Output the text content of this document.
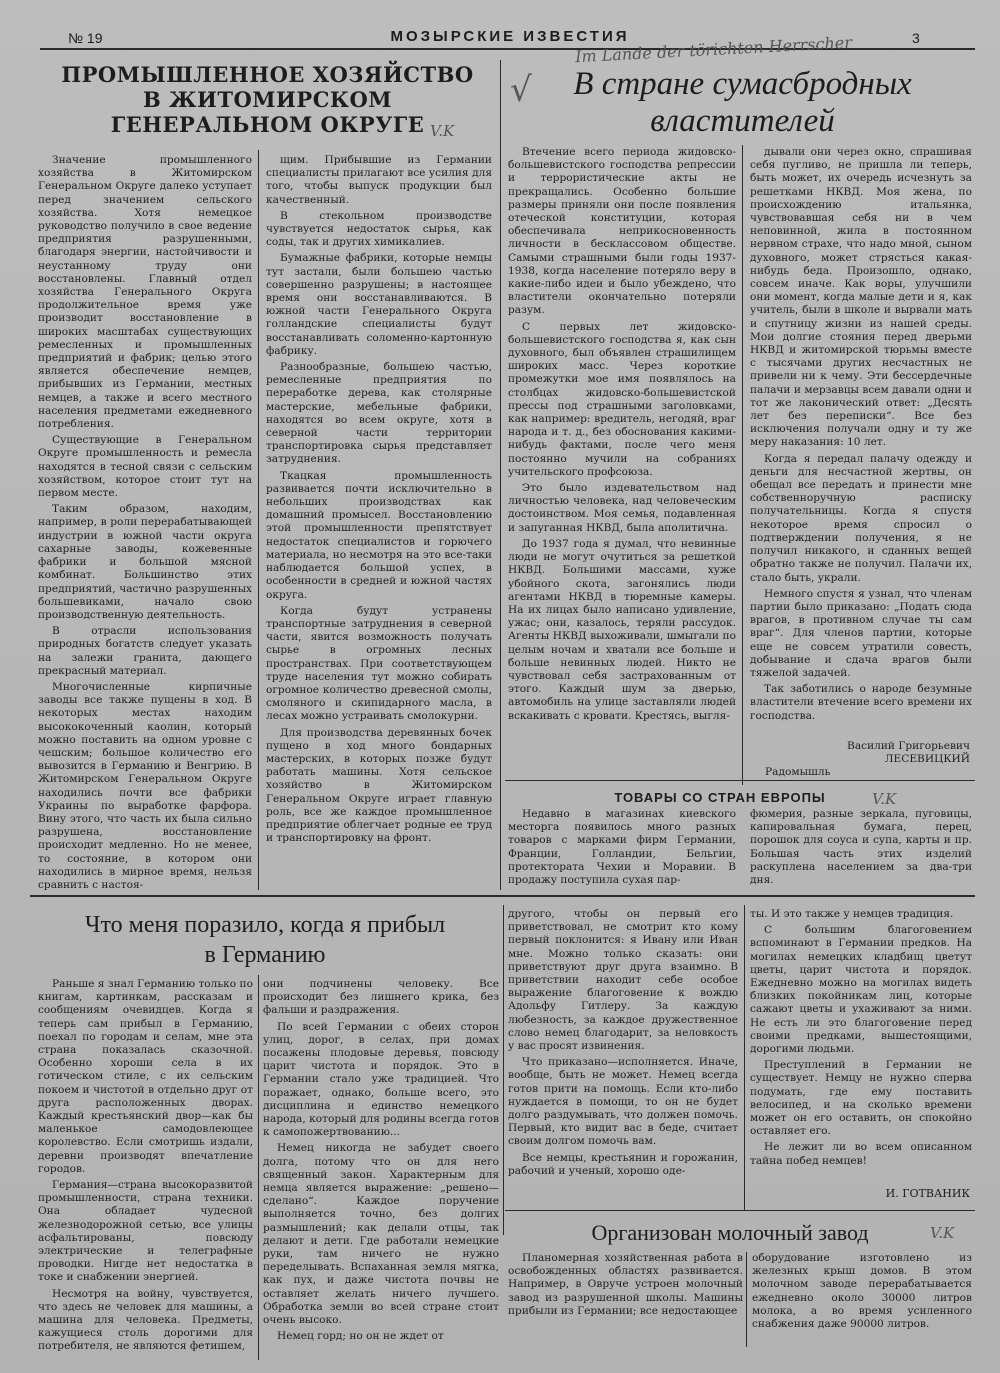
№ 19	МОЗЫРСКИЕ ИЗВЕСТИЯ	3
Im Lande der törichten Herrscher
ПРОМЫШЛЕННОЕ ХОЗЯЙСТВО
В ЖИТОМИРСКОМ
ГЕНЕРАЛЬНОМ ОКРУГЕ V.K

Значение промышленного хозяйства в Житомирском Генеральном Округе далеко уступает перед значением сельского хозяйства. Хотя немецкое руководство получило в свое ведение предприятия разрушенными, благодаря энергии, настойчивости и неустанному труду они восстановлены. Главный отдел хозяйства Генерального Округа продолжительное время уже производит восстановление в широких масштабах существующих ремесленных и промышленных предприятий и фабрик; целью этого является обеспечение немцев, прибывших из Германии, местных немцев, а также и всего местного населения предметами ежедневного потребления.

Существующие в Генеральном Округе промышленность и ремесла находятся в тесной связи с сельским хозяйством, которое стоит тут на первом месте.

Таким образом, находим, например, в роли перерабатывающей индустрии в южной части округа сахарные заводы, кожевенные фабрики и большой мясной комбинат. Большинство этих предприятий, частично разрушенных большевиками, начало свою производственную деятельность.

В отрасли использования природных богатств следует указать на залежи гранита, дающего прекрасный материал.

Многочисленные кирпичные заводы все также пущены в ход. В некоторых местах находим высококоченный каолин, который можно поставить на одном уровне с чешским; большое количество его вывозится в Германию и Венгрию. В Житомирском Генеральном Округе находились почти все фабрики Украины по выработке фарфора. Вину этого, что часть их была сильно разрушена, восстановление происходит медленно. Но не менее, то состояние, в котором они находились в мирное время, нельзя сравнить с настоя-

щим. Прибывшие из Германии специалисты прилагают все усилия для того, чтобы выпуск продукции был качественный.

В стекольном производстве чувствуется недостаток сырья, как соды, так и других химикалиев.

Бумажные фабрики, которые немцы тут застали, были большею частью совершенно разрушены; в настоящее время они восстанавливаются. В южной части Генерального Округа голландские специалисты будут восстанавливать соломенно-картонную фабрику.

Разнообразные, большею частью, ремесленные предприятия по переработке дерева, как столярные мастерские, мебельные фабрики, находятся во всем округе, хотя в северной части территории транспортировка сырья представляет затруднения.

Ткацкая промышленность развивается почти исключительно в небольших производствах как домашний промысел. Восстановлению этой промышленности препятствует недостаток специалистов и горючего материала, но несмотря на это все-таки наблюдается большой успех, в особенности в средней и южной частях округа.

Когда будут устранены транспортные затруднения в северной части, явится возможность получать сырье в огромных лесных пространствах. При соответствующем труде населения тут можно собирать огромное количество древесной смолы, смоляного и скипидарного масла, в лесах можно устраивать смолокурни.

Для производства деревянных бочек пущено в ход много бондарных мастерских, в которых позже будут работать машины. Хотя сельское хозяйство в Житомирском Генеральном Округе играет главную роль, все же каждое промышленное предприятие облегчает родные ее труд и транспортировку на фронт.

√	В стране сумасбродных
властителей

Втечение всего периода жидовско-большевистского господства репрессии и террористические акты не прекращались. Особенно большие размеры приняли они после появления отеческой конституции, которая обеспечивала неприкосновенность личности в бесклассовом обществе. Самыми страшными были годы 1937-1938, когда население потеряло веру в какие-либо идеи и было убеждено, что властители окончательно потеряли разум.

С первых лет жидовско-большевистского господства я, как сын духовного, был объявлен страшилищем широких масс. Через короткие промежутки мое имя появлялось на столбцах жидовско-большевистской прессы под страшными заголовками, как например: вредитель, негодяй, враг народа и т. д., без обоснования какими-нибудь фактами, после чего меня постоянно мучили на собраниях учительского профсоюза.

Это было издевательством над личностью человека, над человеческим достоинством. Моя семья, подавленная и запуганная НКВД, была аполитична.

До 1937 года я думал, что невинные люди не могут очутиться за решеткой НКВД. Большими массами, хуже убойного скота, загонялись люди агентами НКВД в тюремные камеры. На их лицах было написано удивление, ужас; они, казалось, теряли рассудок. Агенты НКВД выхоживали, шмыгали по целым ночам и хватали все больше и больше невинных людей. Никто не чувствовал себя застрахованным от этого. Каждый шум за дверью, автомобиль на улице заставляли людей вскакивать с кровати. Крестясь, выгля-

дывали они через окно, спрашивая себя пугливо, не пришла ли теперь, быть может, их очередь исчезнуть за решетками НКВД. Моя жена, по происхождению итальянка, чувствовавшая себя ни в чем неповинной, жила в постоянном нервном страхе, что надо мной, сыном духовного, может стрясться какая-нибудь беда. Произошло, однако, совсем иначе. Как воры, улучшили они момент, когда малые дети и я, как учитель, были в школе и вырвали мать и спутницу жизни из нашей среды. Мои долгие стояния перед дверьми НКВД и житомирской тюрьмы вместе с тысячами других несчастных не привели ни к чему. Эти бессердечные палачи и мерзавцы всем давали одни и тот же лаконический ответ: „Десять лет без переписки“. Все без исключения получали одну и ту же меру наказания: 10 лет.

Когда я передал палачу одежду и деньги для несчастной жертвы, он обещал все передать и принести мне собственноручную расписку получательницы. Когда я спустя некоторое время спросил о подтверждении получения, я не получил никакого, и сданных вещей обратно также не получил. Палачи их, стало быть, украли.

Немного спустя я узнал, что членам партии было приказано: „Подать сюда врагов, в противном случае ты сам враг“. Для членов партии, которые еще не совсем утратили совесть, добывание и сдача врагов были тяжелой задачей.

Так заботились о народе безумные властители втечение всего времени их господства.

Василий Григорьевич ЛЕСЕВИЦКИЙ
Радомышль
ТОВАРЫ СО СТРАН ЕВРОПЫ	V.K

Недавно в магазинах киевского месторга появилось много разных товаров с марками фирм Германии, Франции, Голландии, Бельгии, протектората Чехии и Моравии. В продажу поступила сухая пар-

фюмерия, разные зеркала, пуговицы, капировальная бумага, перец, порошок для соуса и супа, карты и пр. Большая часть этих изделий раскуплена населением за два-три дня.

Что меня поразило, когда я прибыл
в Германию

Раньше я знал Германию только по книгам, картинкам, рассказам и сообщениям очевидцев. Когда я теперь сам прибыл в Германию, поехал по городам и селам, мне эта страна показалась сказочной. Особенно хороши села в их готическом стиле, с их сельским покоем и чистотой в отдельно друг от друга расположенных дворах. Каждый крестьянский двор—как бы маленькое самодовлеющее королевство. Если смотришь издали, деревни производят впечатление городов.

Германия—страна высокоразвитой промышленности, страна техники. Она обладает чудесной железнодорожной сетью, все улицы асфальтированы, повсюду электрические и телеграфные проводки. Нигде нет недостатка в токе и снабжении энергией.

Несмотря на войну, чувствуется, что здесь не человек для машины, а машина для человека. Предметы, кажущиеся столь дорогими для потребителя, не являются фетишем,

они подчинены человеку. Все происходит без лишнего крика, без фальши и раздражения.

По всей Германии с обеих сторон улиц, дорог, в селах, при домах посажены плодовые деревья, повсюду царит чистота и порядок. Это в Германии стало уже традицией. Что поражает, однако, больше всего, это дисциплина и единство немецкого народа, который для родины всегда готов к самопожертвованию...

Немец никогда не забудет своего долга, потому что он для него священный закон. Характерным для немца является выражение: „решено—сделано“. Каждое поручение выполняется точно, без долгих размышлений; как делали отцы, так делают и дети. Где работали немецкие руки, там ничего не нужно переделывать. Вспаханная земля мягка, как пух, и даже чистота почвы не оставляет желать ничего лучшего. Обработка земли во всей стране стоит очень высоко.

Немец горд; но он не ждет от

другого, чтобы он первый его приветствовал, не смотрит кто кому первый поклонится: я Ивану или Иван мне. Можно только сказать: они приветствуют друг друга взаимно. В приветствии находит себе особое выражение благоговение к вождю Адольфу Гитлеру. За каждую любезность, за каждое дружественное слово немец благодарит, за неловкость у вас просят извинения.

Что приказано—исполняется. Иначе, вообще, быть не может. Немец всегда готов прити на помощь. Если кто-либо нуждается в помощи, то он не будет долго раздумывать, что должен помочь. Первый, кто видит вас в беде, считает своим долгом помочь вам.

Все немцы, крестьянин и горожанин, рабочий и ученый, хорошо оде-

ты. И это также у немцев традиция.

С большим благоговением вспоминают в Германии предков. На могилах немецких кладбищ цветут цветы, царит чистота и порядок. Ежедневно можно на могилах видеть близких покойникам лиц, которые сажают цветы и ухаживают за ними. Не есть ли это благоговение перед своими предками, вышестоящими, дорогими людьми.

Преступлений в Германии не существует. Немцу не нужно сперва подумать, где ему поставить велосипед, и на сколько времени может он его оставить, он спокойно оставляет его.

Не лежит ли во всем описанном тайна побед немцев!

И. ГОТВАНИК
Организован молочный завод	V.K

Планомерная хозяйственная работа в освобожденных областях развивается. Например, в Овруче устроен молочный завод из разрушенной школы. Машины прибыли из Германии; все недостающее

оборудование изготовлено из железных крыш домов. В этом молочном заводе перерабатывается ежедневно около 30000 литров молока, а во время усиленного снабжения даже 90000 литров.
